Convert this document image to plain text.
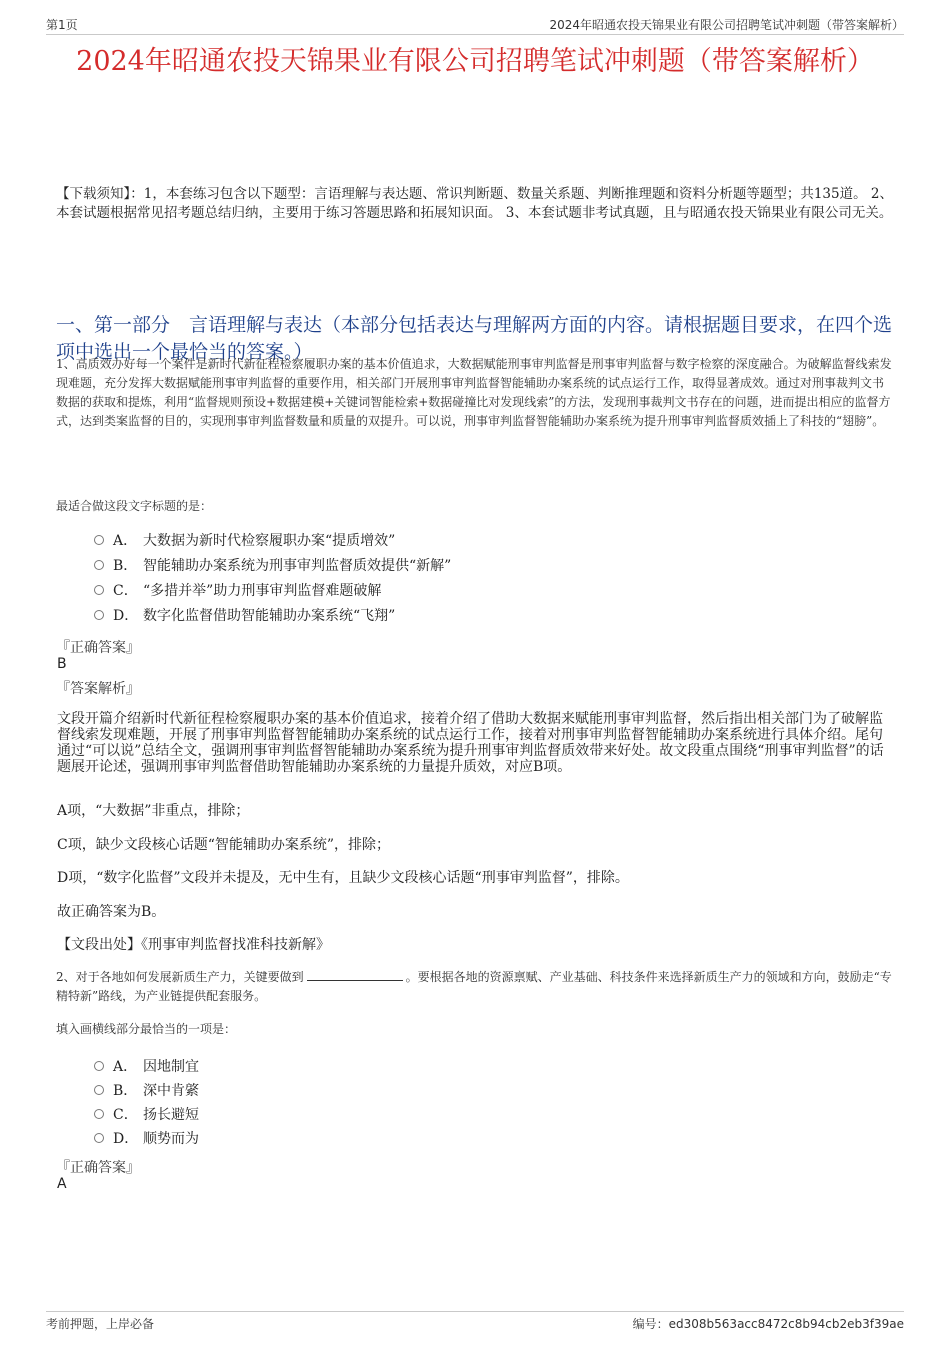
第1页	2024年昭通农投天锦果业有限公司招聘笔试冲刺题（带答案解析）
2024年昭通农投天锦果业有限公司招聘笔试冲刺题（带答案解析）
【下载须知】：1，本套练习包含以下题型：言语理解与表达题、常识判断题、数量关系题、判断推理题和资料分析题等题型；共135道。 2、本套试题根据常见招考题总结归纳，主要用于练习答题思路和拓展知识面。 3、本套试题非考试真题，且与昭通农投天锦果业有限公司无关。
一、第一部分　言语理解与表达（本部分包括表达与理解两方面的内容。请根据题目要求，在四个选项中选出一个最恰当的答案。）
1、高质效办好每一个案件是新时代新征程检察履职办案的基本价值追求，大数据赋能刑事审判监督是刑事审判监督与数字检察的深度融合。为破解监督线索发现难题，充分发挥大数据赋能刑事审判监督的重要作用，相关部门开展刑事审判监督智能辅助办案系统的试点运行工作，取得显著成效。通过对刑事裁判文书数据的获取和提炼，利用“监督规则预设+数据建模+关键词智能检索+数据碰撞比对发现线索”的方法，发现刑事裁判文书存在的问题，进而提出相应的监督方式，达到类案监督的目的，实现刑事审判监督数量和质量的双提升。可以说，刑事审判监督智能辅助办案系统为提升刑事审判监督质效插上了科技的“翅膀”。
最适合做这段文字标题的是：
A． 大数据为新时代检察履职办案“提质增效”
B． 智能辅助办案系统为刑事审判监督质效提供“新解”
C． “多措并举”助力刑事审判监督难题破解
D． 数字化监督借助智能辅助办案系统“飞翔”
『正确答案』
B
『答案解析』
文段开篇介绍新时代新征程检察履职办案的基本价值追求，接着介绍了借助大数据来赋能刑事审判监督，然后指出相关部门为了破解监督线索发现难题，开展了刑事审判监督智能辅助办案系统的试点运行工作，接着对刑事审判监督智能辅助办案系统进行具体介绍。尾句通过“可以说”总结全文，强调刑事审判监督智能辅助办案系统为提升刑事审判监督质效带来好处。故文段重点围绕“刑事审判监督”的话题展开论述，强调刑事审判监督借助智能辅助办案系统的力量提升质效，对应B项。
A项，“大数据”非重点，排除；
C项，缺少文段核心话题“智能辅助办案系统”，排除；
D项，“数字化监督”文段并未提及，无中生有，且缺少文段核心话题“刑事审判监督”，排除。
故正确答案为B。
【文段出处】《刑事审判监督找准科技新解》
2、对于各地如何发展新质生产力，关键要做到	。要根据各地的资源禀赋、产业基础、科技条件来选择新质生产力的领域和方向，鼓励走“专精特新”路线，为产业链提供配套服务。
填入画横线部分最恰当的一项是：
A． 因地制宜
B． 深中肯綮
C． 扬长避短
D． 顺势而为
『正确答案』
A
考前押题，上岸必备	编号：ed308b563acc8472c8b94cb2eb3f39ae
